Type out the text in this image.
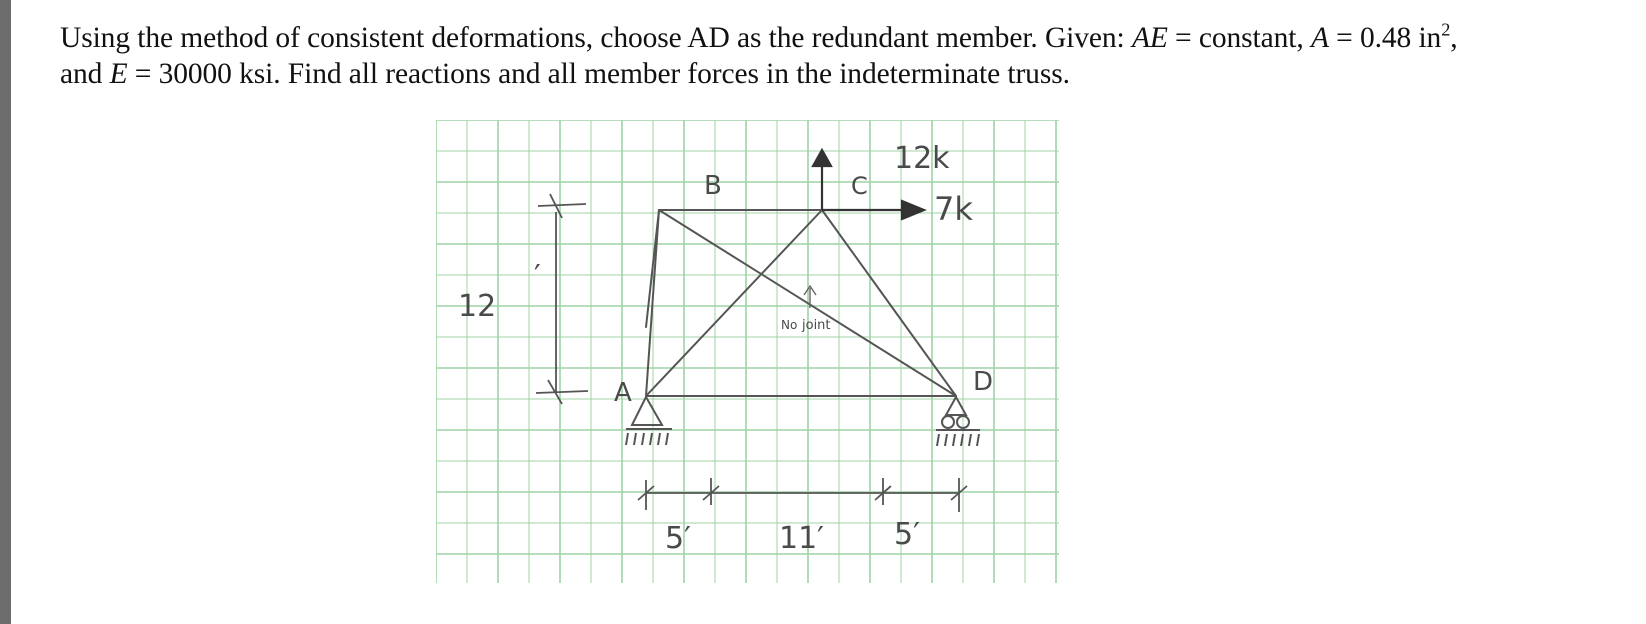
Using the method of consistent deformations, choose AD as the redundant member. Given: AE = constant, A = 0.48 $in^2$,
and E = 30000 ksi. Find all reactions and all member forces in the indeterminate truss.
A
B	C
D
12k
7k
12
′
No joint
5′	11′ 5′
